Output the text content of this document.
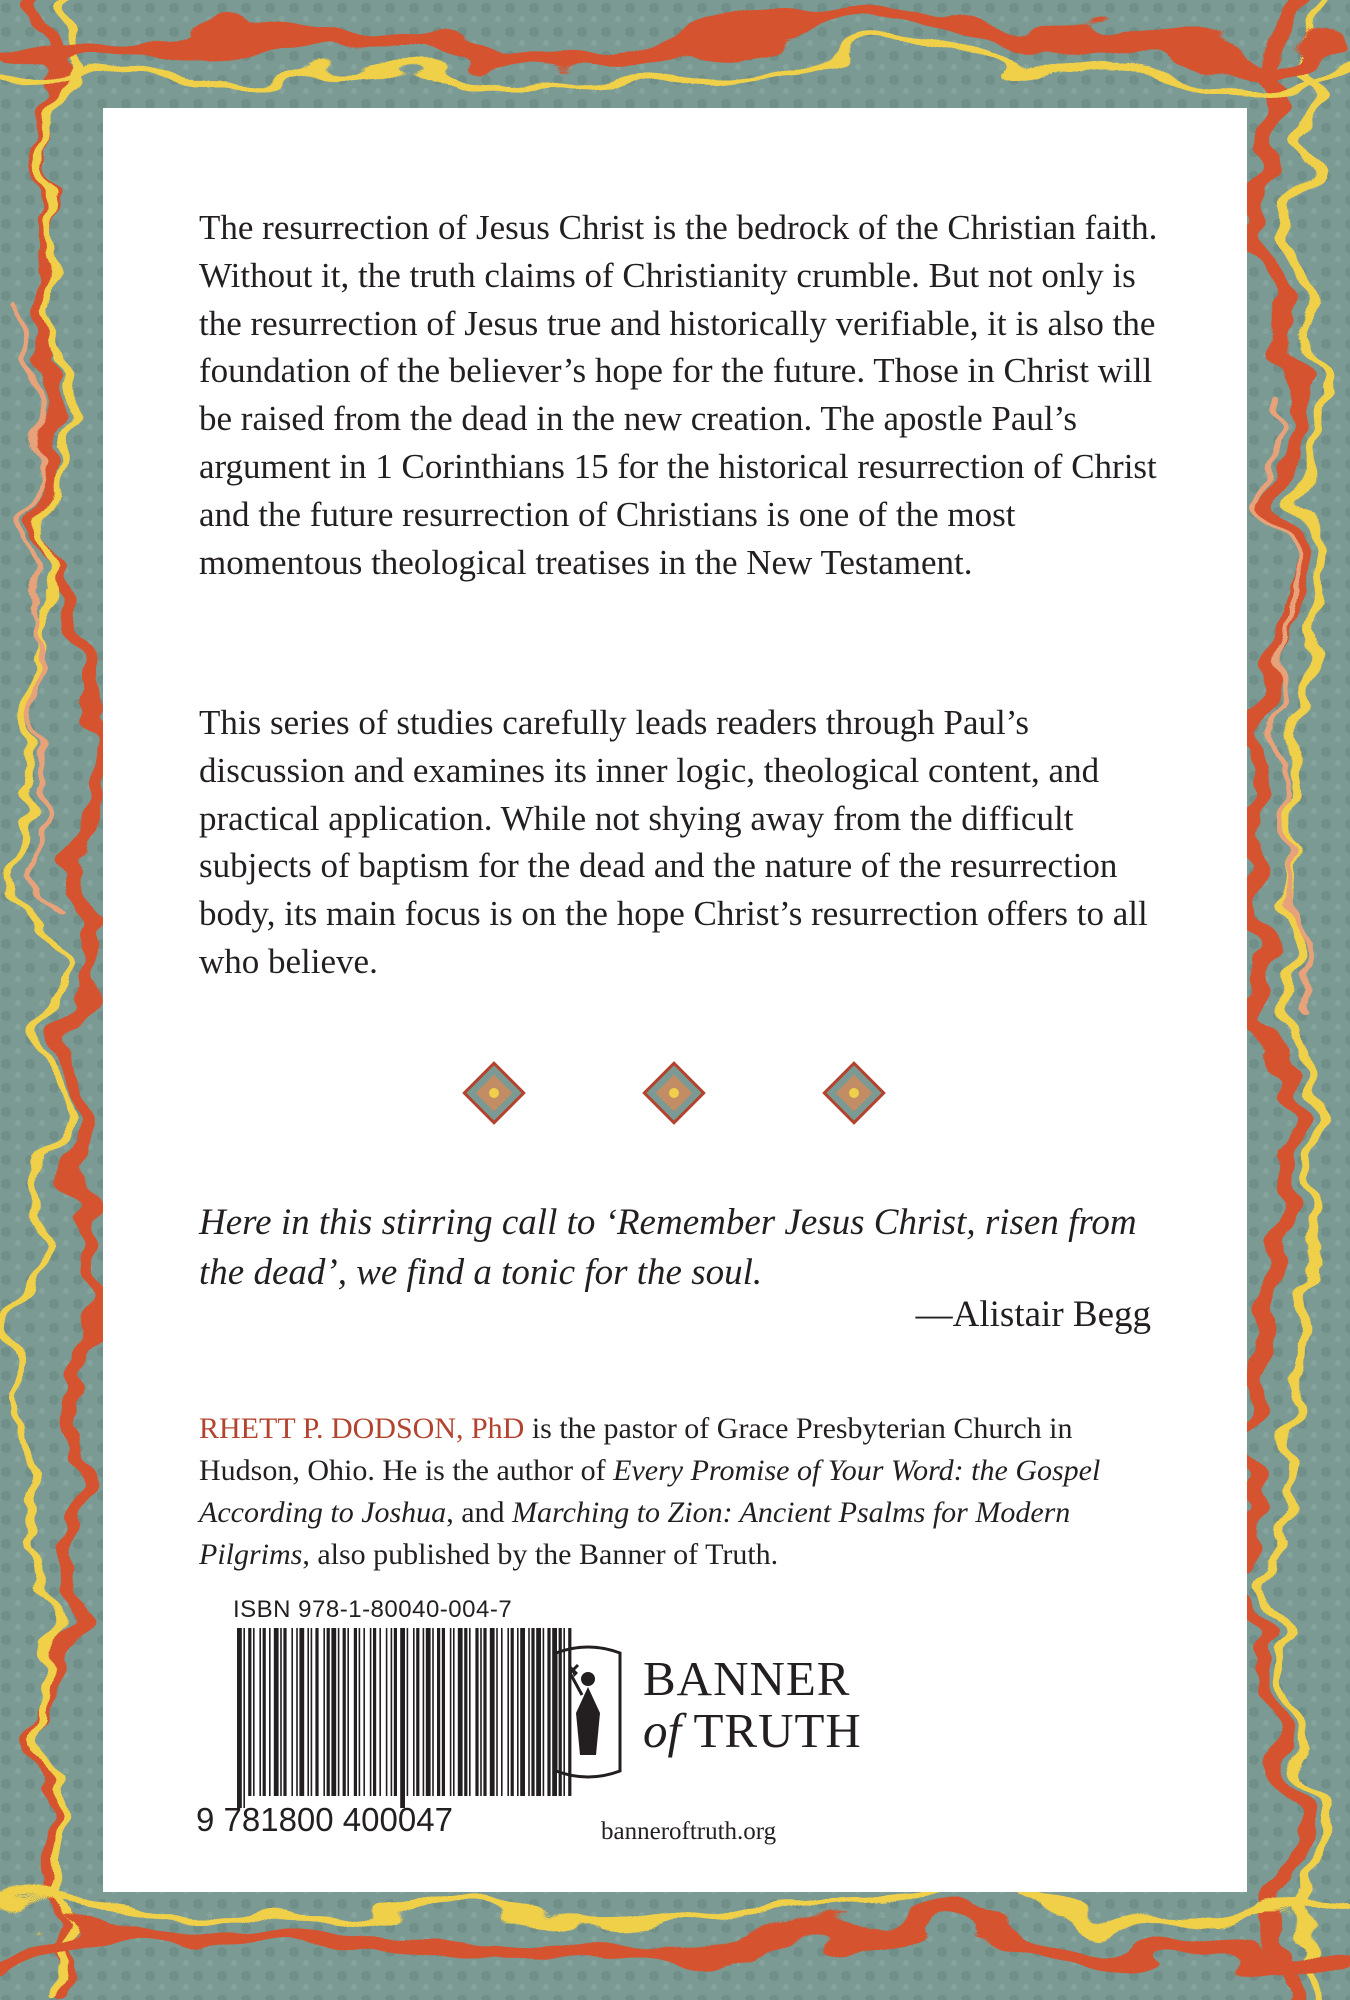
The resurrection of Jesus Christ is the bedrock of the Christian faith. Without it, the truth claims of Christianity crumble. But not only is the resurrection of Jesus true and historically verifiable, it is also the foundation of the believer’s hope for the future. Those in Christ will be raised from the dead in the new creation. The apostle Paul’s argument in 1 Corinthians 15 for the historical resurrection of Christ and the future resurrection of Christians is one of the most momentous theological treatises in the New Testament.

This series of studies carefully leads readers through Paul’s discussion and examines its inner logic, theological content, and practical application. While not shying away from the difficult subjects of baptism for the dead and the nature of the resurrection body, its main focus is on the hope Christ’s resurrection offers to all who believe.

Here in this stirring call to ‘Remember Jesus Christ, risen from the dead’, we find a tonic for the soul.

—Alistair Begg

RHETT P. DODSON, PhD is the pastor of Grace Presbyterian Church in Hudson, Ohio. He is the author of Every Promise of Your Word: the Gospel According to Joshua, and Marching to Zion: Ancient Psalms for Modern Pilgrims, also published by the Banner of Truth.

ISBN 978-1-80040-004-7
9 781800 400047
BANNER
of TRUTH
banneroftruth.org
